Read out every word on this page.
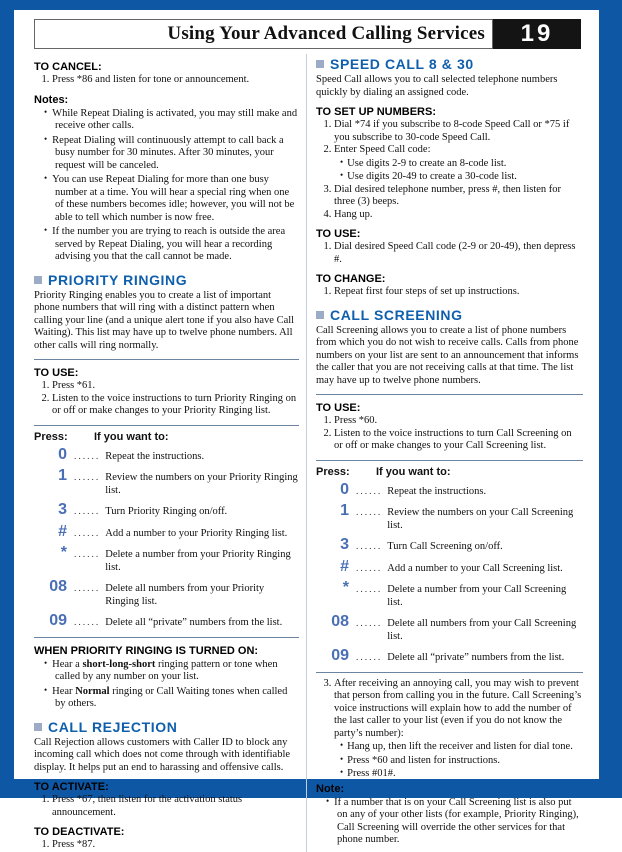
Using Your Advanced Calling Services 19
TO CANCEL:
1. Press *86 and listen for tone or announcement.
Notes:
• While Repeat Dialing is activated, you may still make and receive other calls.
• Repeat Dialing will continuously attempt to call back a busy number for 30 minutes. After 30 minutes, your request will be canceled.
• You can use Repeat Dialing for more than one busy number at a time. You will hear a special ring when one of these numbers becomes idle; however, you will not be able to tell which number is now free.
• If the number you are trying to reach is outside the area served by Repeat Dialing, you will hear a recording advising you that the call cannot be made.
PRIORITY RINGING
Priority Ringing enables you to create a list of important phone numbers that will ring with a distinct pattern when calling your line (and a unique alert tone if you also have Call Waiting). This list may have up to twelve phone numbers. All other calls will ring normally.
TO USE:
1. Press *61.
2. Listen to the voice instructions to turn Priority Ringing on or off or make changes to your Priority Ringing list.
Press:	If you want to:
0 ...... Repeat the instructions.
1 ...... Review the numbers on your Priority Ringing list.
3 ...... Turn Priority Ringing on/off.
# ...... Add a number to your Priority Ringing list.
* ...... Delete a number from your Priority Ringing list.
08 ...... Delete all numbers from your Priority Ringing list.
09 ...... Delete all “private” numbers from the list.
WHEN PRIORITY RINGING IS TURNED ON:
• Hear a short-long-short ringing pattern or tone when called by any number on your list.
• Hear Normal ringing or Call Waiting tones when called by others.
CALL REJECTION
Call Rejection allows customers with Caller ID to block any incoming call which does not come through with identifiable display. It helps put an end to harassing and offensive calls.
TO ACTIVATE:
1. Press *67, then listen for the activation status announcement.
TO DEACTIVATE:
1. Press *87.
SPEED CALL 8 & 30
Speed Call allows you to call selected telephone numbers quickly by dialing an assigned code.
TO SET UP NUMBERS:
1. Dial *74 if you subscribe to 8-code Speed Call or *75 if you subscribe to 30-code Speed Call.
2. Enter Speed Call code:
• Use digits 2-9 to create an 8-code list.
• Use digits 20-49 to create a 30-code list.
3. Dial desired telephone number, press #, then listen for three (3) beeps.
4. Hang up.
TO USE:
1. Dial desired Speed Call code (2-9 or 20-49), then depress #.
TO CHANGE:
1. Repeat first four steps of set up instructions.
CALL SCREENING
Call Screening allows you to create a list of phone numbers from which you do not wish to receive calls. Calls from phone numbers on your list are sent to an announcement that informs the caller that you are not receiving calls at that time. The list may have up to twelve phone numbers.
TO USE:
1. Press *60.
2. Listen to the voice instructions to turn Call Screening on or off or make changes to your Call Screening list.
Press:	If you want to:
0 ...... Repeat the instructions.
1 ...... Review the numbers on your Call Screening list.
3 ...... Turn Call Screening on/off.
# ...... Add a number to your Call Screening list.
* ...... Delete a number from your Call Screening list.
08 ...... Delete all numbers from your Call Screening list.
09 ...... Delete all “private” numbers from the list.
3. After receiving an annoying call, you may wish to prevent that person from calling you in the future. Call Screening’s voice instructions will explain how to add the number of the last caller to your list (even if you do not know the party’s number):
• Hang up, then lift the receiver and listen for dial tone.
• Press *60 and listen for instructions.
• Press #01#.
Note:
• If a number that is on your Call Screening list is also put on any of your other lists (for example, Priority Ringing), Call Screening will override the other services for that phone number.
